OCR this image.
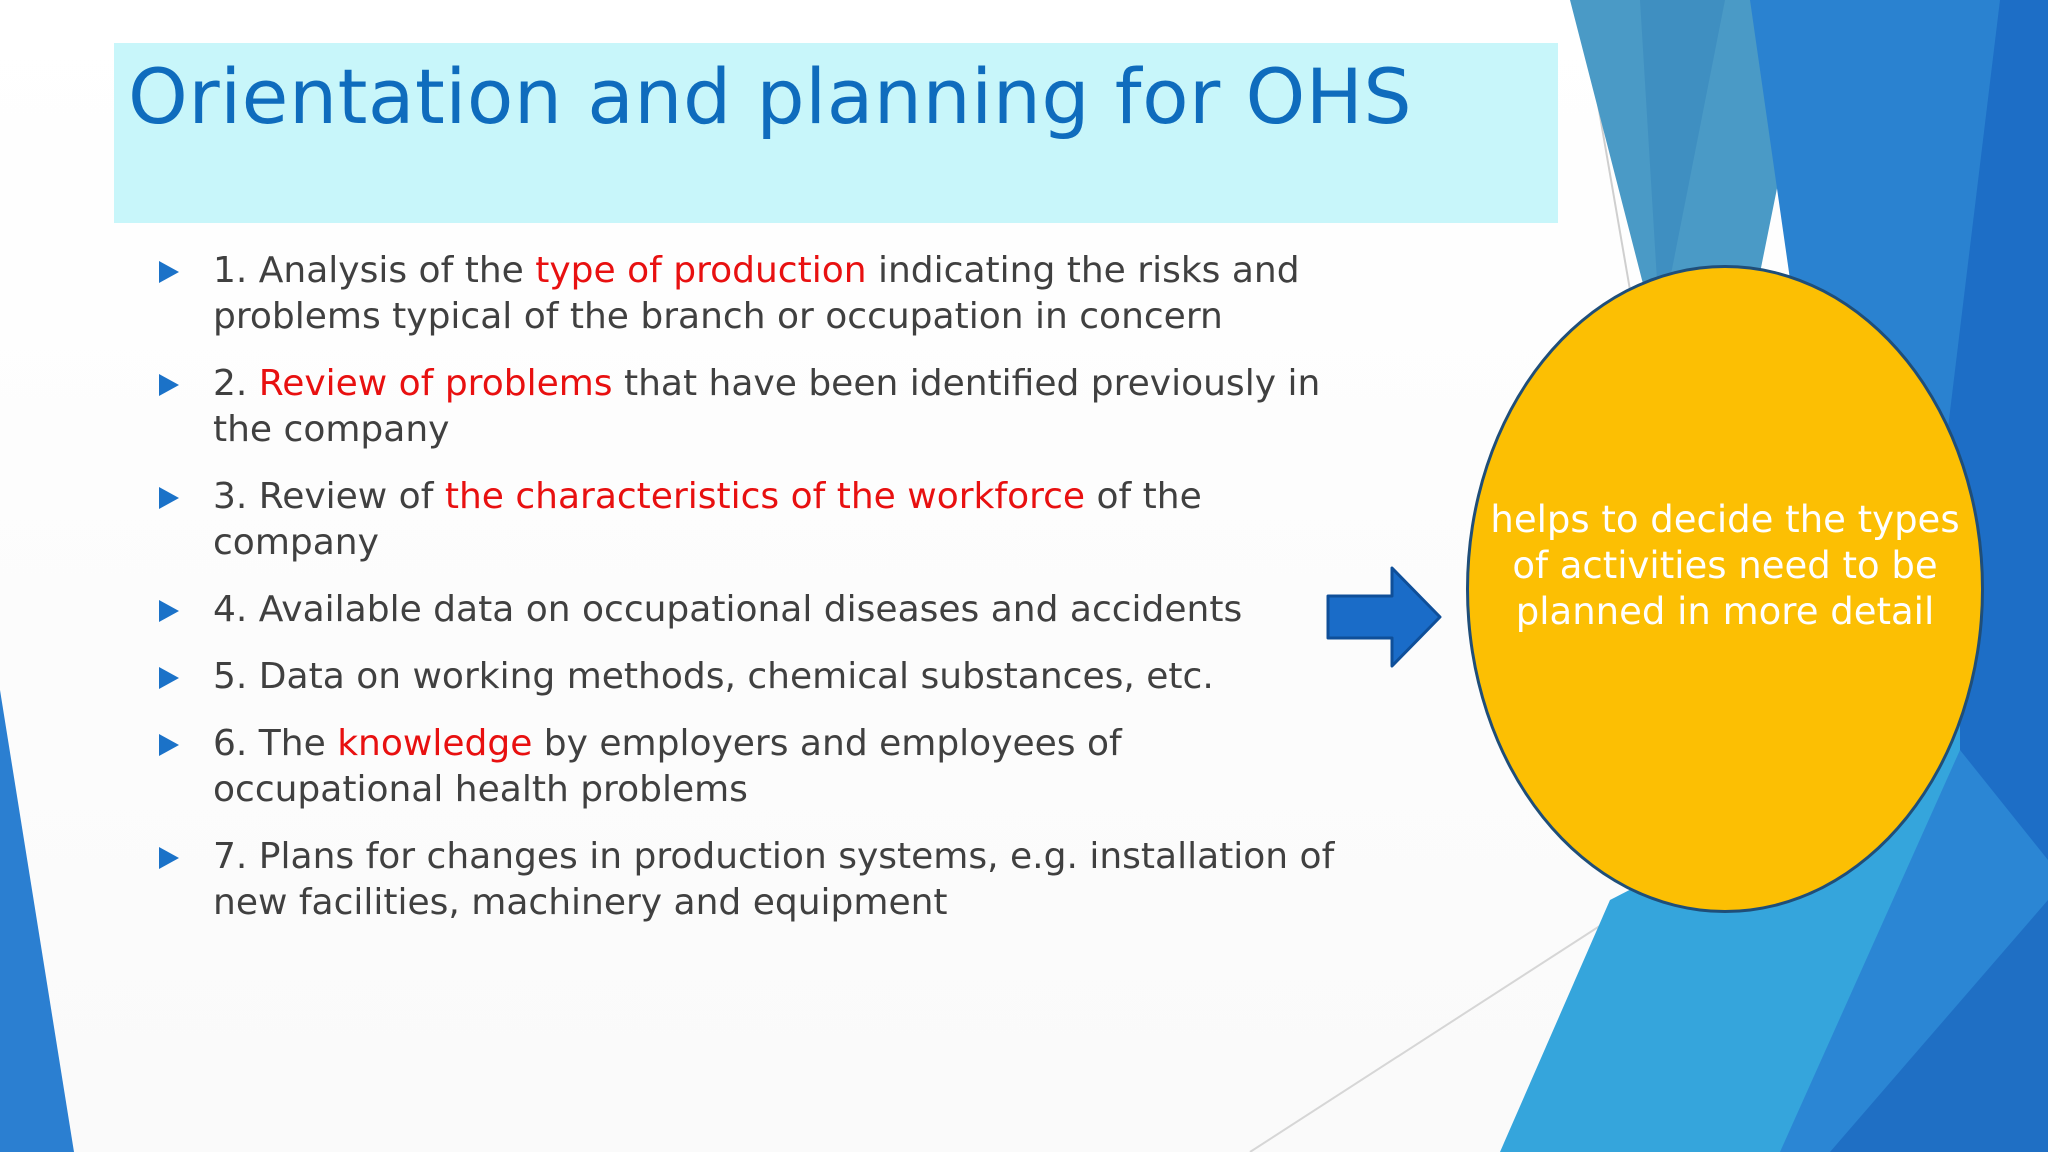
Orientation and planning for OHS
1. Analysis of the type of production indicating the risks and problems typical of the branch or occupation in concern
2. Review of problems that have been identified previously in the company
3. Review of the characteristics of the workforce of the company
4. Available data on occupational diseases and accidents
5. Data on working methods, chemical substances, etc.
6. The knowledge by employers and employees of occupational health problems
7. Plans for changes in production systems, e.g. installation of new facilities, machinery and equipment

helps to decide the types of activities need to be planned in more detail
